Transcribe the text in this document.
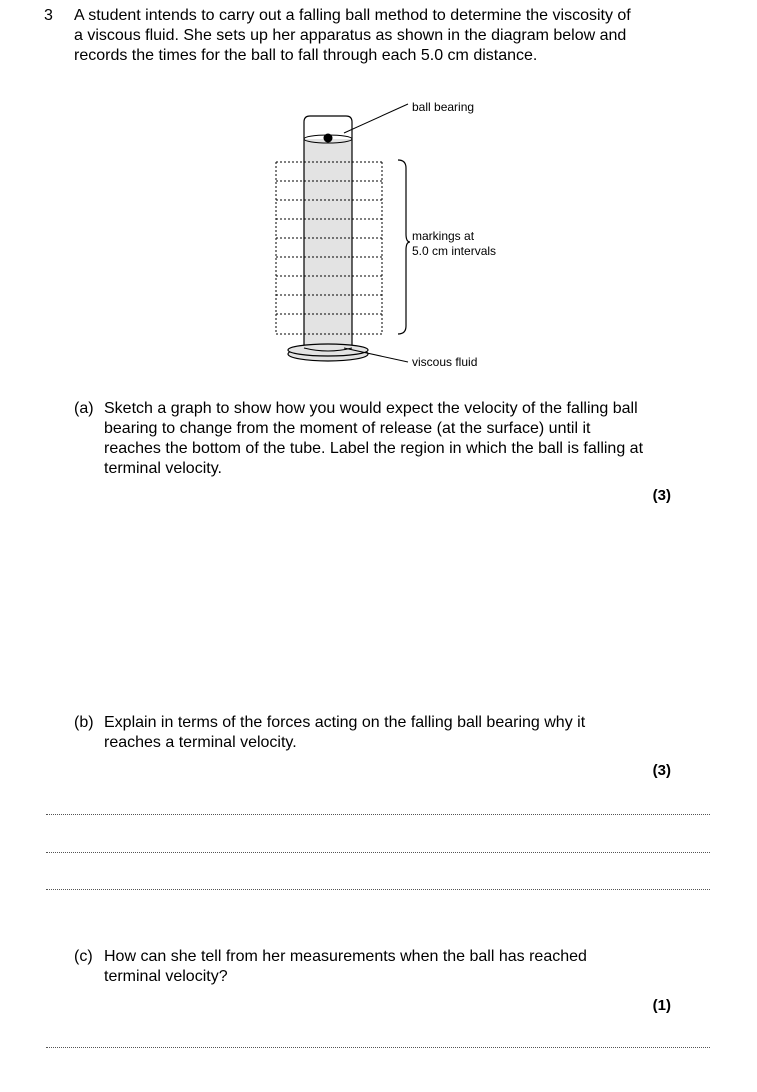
3 A student intends to carry out a falling ball method to determine the viscosity of
a viscous fluid. She sets up her apparatus as shown in the diagram below and
records the times for the ball to fall through each 5.0 cm distance.

ball bearing
markings at
5.0 cm intervals
viscous fluid
(a) Sketch a graph to show how you would expect the velocity of the falling ball
bearing to change from the moment of release (at the surface) until it
reaches the bottom of the tube. Label the region in which the ball is falling at
terminal velocity.

(3)
(b) Explain in terms of the forces acting on the falling ball bearing why it
reaches a terminal velocity.

(3)
(c) How can she tell from her measurements when the ball has reached
terminal velocity?

(1)
